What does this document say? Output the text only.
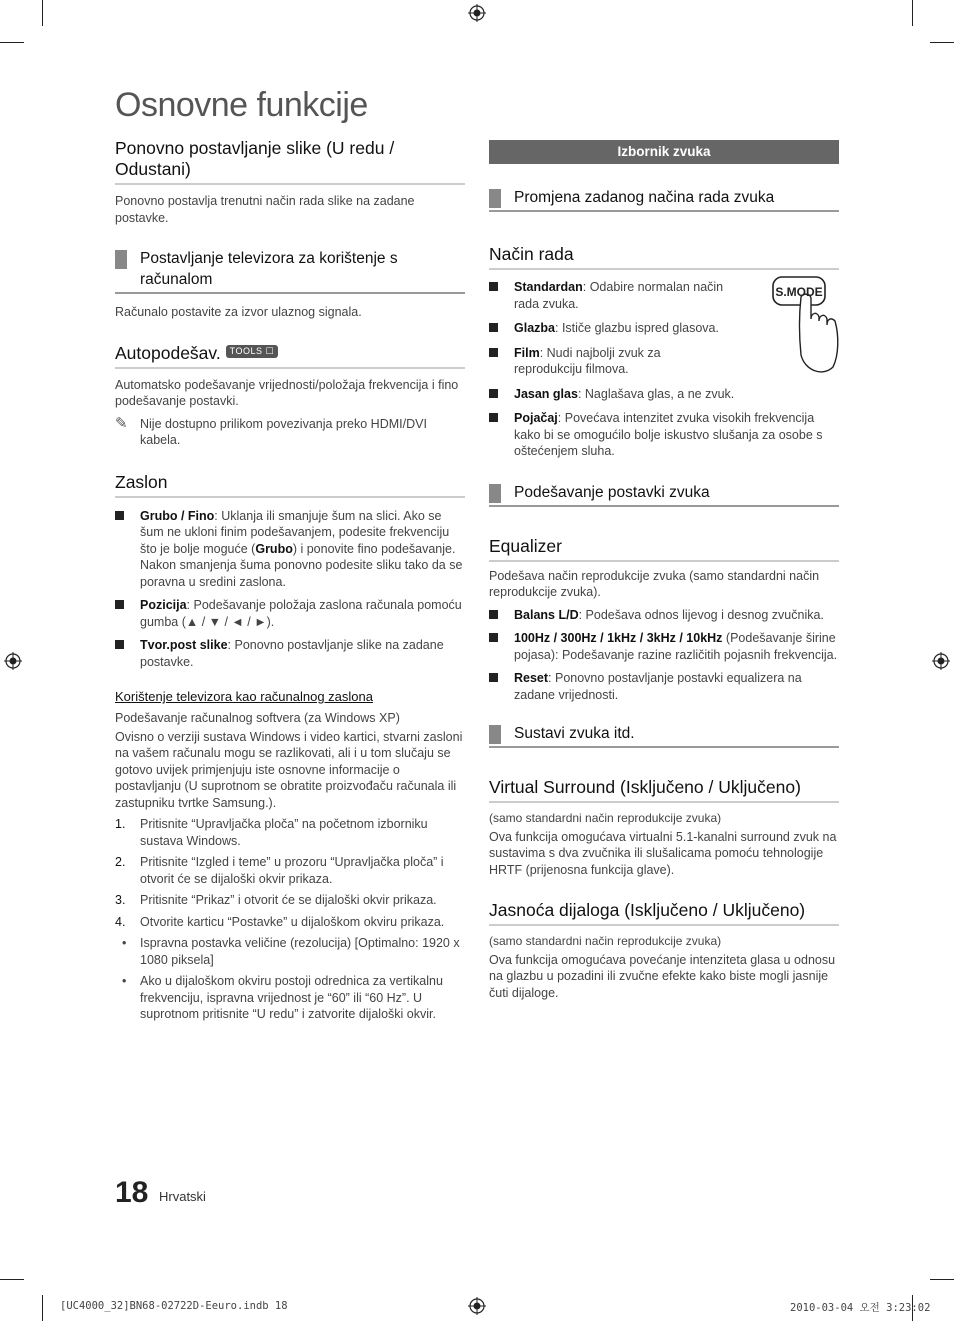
Osnovne funkcije
Ponovno postavljanje slike (U redu / Odustani)

Ponovno postavlja trenutni način rada slike na zadane postavke.

Postavljanje televizora za korištenje s računalom

Računalo postavite za izvor ulaznog signala.

Autopodešav. TOOLS ☐

Automatsko podešavanje vrijednosti/položaja frekvencija i fino podešavanje postavki.

✎ Nije dostupno prilikom povezivanja preko HDMI/DVI kabela.

Zaslon
Grubo / Fino: Uklanja ili smanjuje šum na slici. Ako se šum ne ukloni finim podešavanjem, podesite frekvenciju što je bolje moguće (Grubo) i ponovite fino podešavanje. Nakon smanjenja šuma ponovno podesite sliku tako da se poravna u sredini zaslona.
Pozicija: Podešavanje položaja zaslona računala pomoću gumba (▲ / ▼ / ◄ / ►).
Tvor.post slike: Ponovno postavljanje slike na zadane postavke.
Korištenje televizora kao računalnog zaslona

Podešavanje računalnog softvera (za Windows XP)

Ovisno o verziji sustava Windows i video kartici, stvarni zasloni na vašem računalu mogu se razlikovati, ali i u tom slučaju se gotovo uvijek primjenjuju iste osnovne informacije o postavljanju (U suprotnom se obratite proizvođaču računala ili zastupniku tvrtke Samsung.).

1. Pritisnite “Upravljačka ploča” na početnom izborniku sustava Windows.
2. Pritisnite “Izgled i teme” u prozoru “Upravljačka ploča” i otvorit će se dijaloški okvir prikaza.
3. Pritisnite “Prikaz” i otvorit će se dijaloški okvir prikaza.
4. Otvorite karticu “Postavke” u dijaloškom okviru prikaza.
• Ispravna postavka veličine (rezolucija) [Optimalno: 1920 x 1080 piksela]
• Ako u dijaloškom okviru postoji odrednica za vertikalnu frekvenciju, ispravna vrijednost je “60” ili “60 Hz”. U suprotnom pritisnite “U redu” i zatvorite dijaloški okvir.
Izbornik zvuka
Promjena zadanog načina rada zvuka
Način rada
S.MODE
Standardan: Odabire normalan način rada zvuka.
Glazba: Ističe glazbu ispred glasova.
Film: Nudi najbolji zvuk za reprodukciju filmova.
Jasan glas: Naglašava glas, a ne zvuk.
Pojačaj: Povećava intenzitet zvuka visokih frekvencija kako bi se omogućilo bolje iskustvo slušanja za osobe s oštećenjem sluha.
Podešavanje postavki zvuka
Equalizer

Podešava način reprodukcije zvuka (samo standardni način reprodukcije zvuka).

Balans L/D: Podešava odnos lijevog i desnog zvučnika.
100Hz / 300Hz / 1kHz / 3kHz / 10kHz (Podešavanje širine pojasa): Podešavanje razine različitih pojasnih frekvencija.
Reset: Ponovno postavljanje postavki equalizera na zadane vrijednosti.
Sustavi zvuka itd.
Virtual Surround (Isključeno / Uključeno)

(samo standardni način reprodukcije zvuka)

Ova funkcija omogućava virtualni 5.1-kanalni surround zvuk na sustavima s dva zvučnika ili slušalicama pomoću tehnologije HRTF (prijenosna funkcija glave).

Jasnoća dijaloga (Isključeno / Uključeno)

(samo standardni način reprodukcije zvuka)

Ova funkcija omogućava povećanje intenziteta glasa u odnosu na glazbu u pozadini ili zvučne efekte kako biste mogli jasnije čuti dijaloge.

18 Hrvatski
[UC4000_32]BN68-02722D-Eeuro.indb 18	2010-03-04 오전 3:23:02
